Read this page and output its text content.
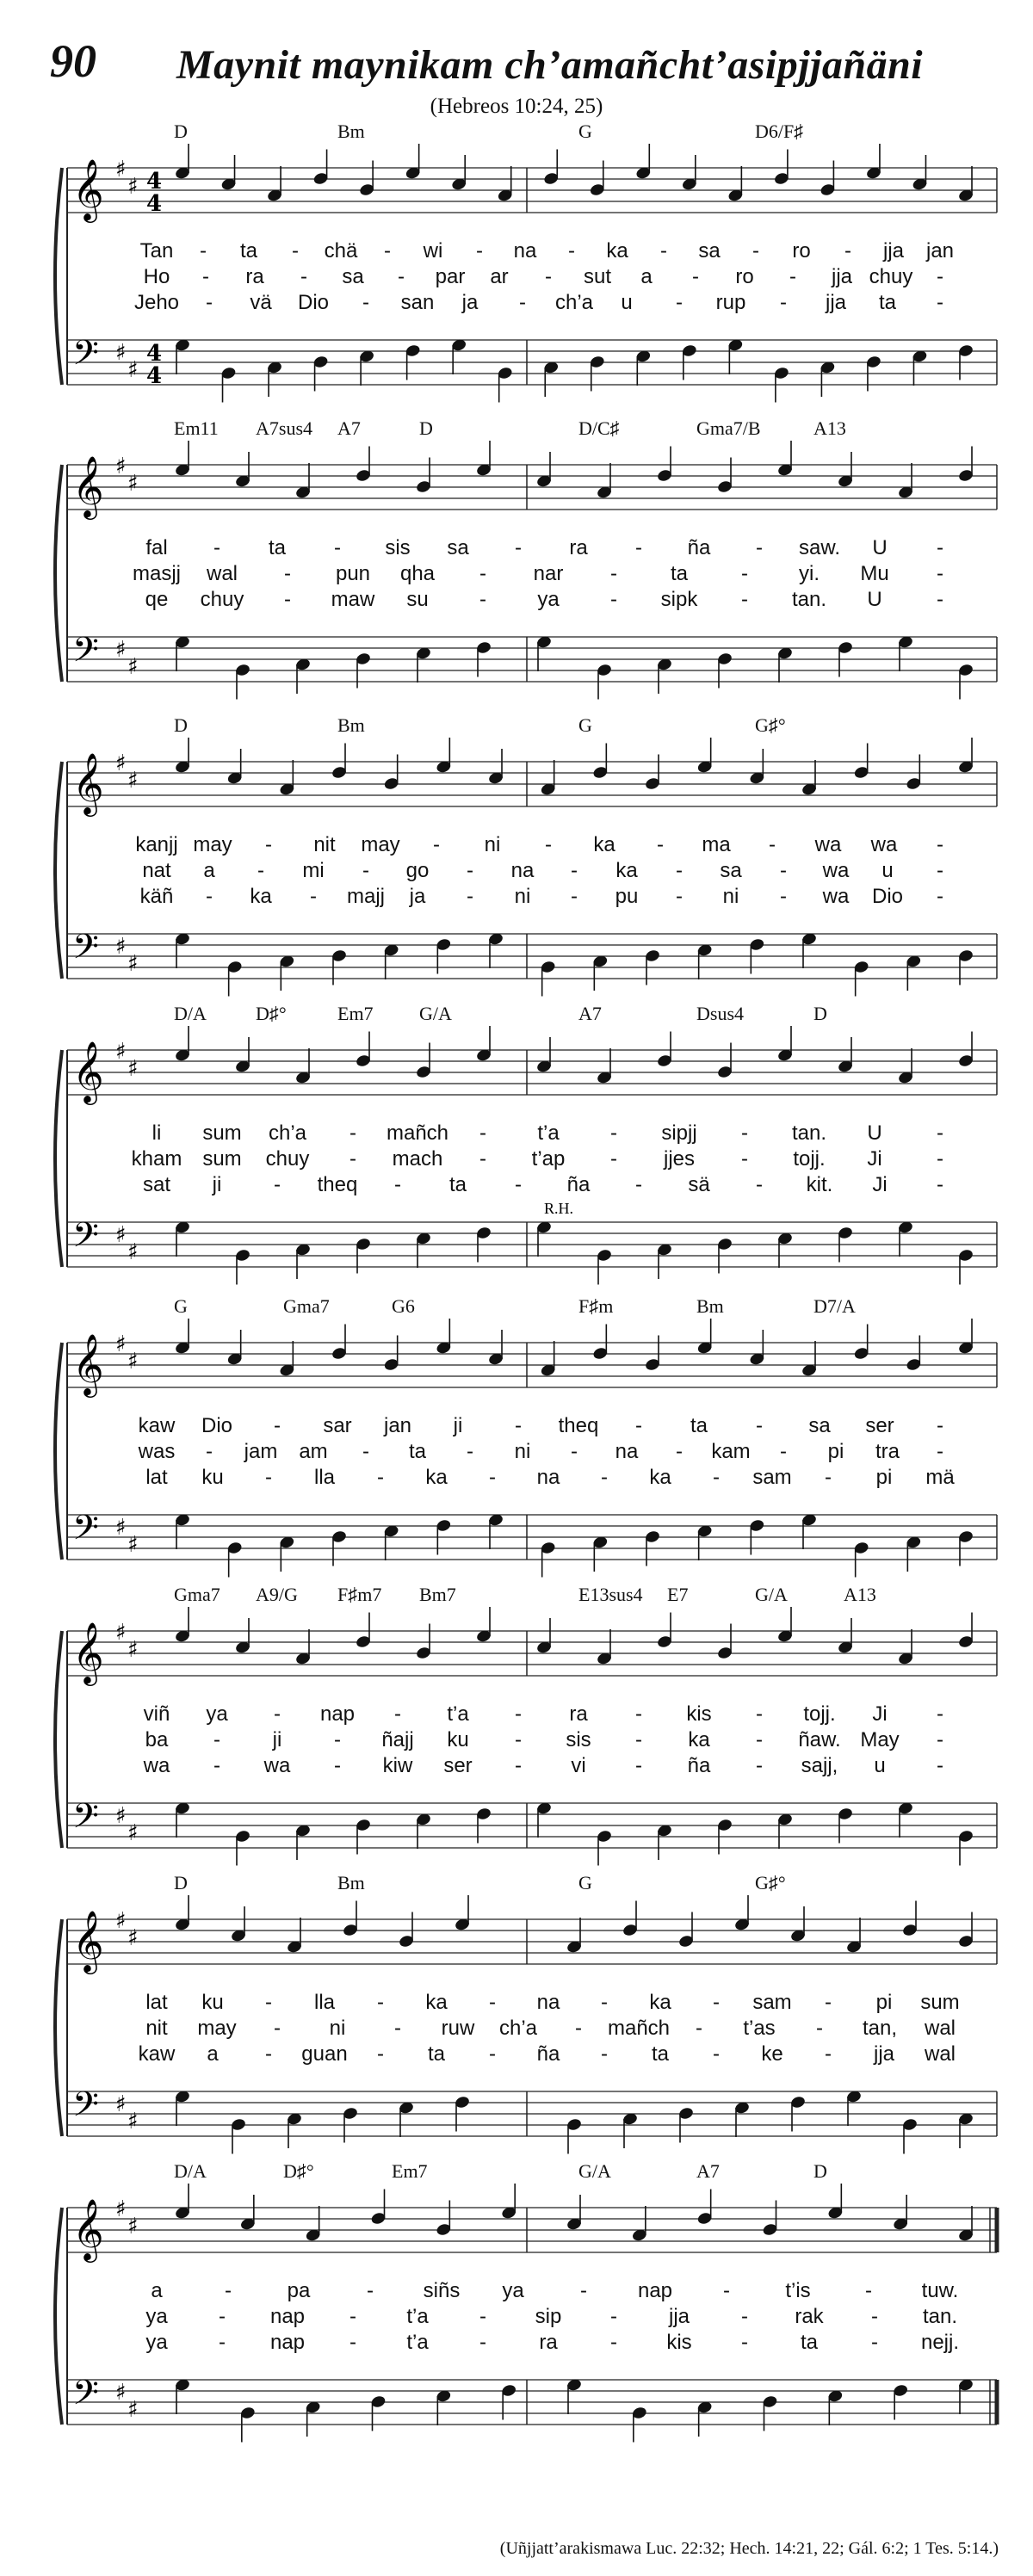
90 Maynit maynikam ch’amañcht’asipjjañäni
(Hebreos 10:24, 25)
D	Bm	G	D6/F♯
𝄞 ♯
♯ 4
4
𝄢 ♯
♯
4
4
Tan - ta - chä - wi - na - ka - sa - ro - jja jan
Ho - ra - sa - par ar - sut a - ro - jja chuy -
Jeho - vä Dio - san ja - ch’a u - rup - jja ta -
Em11 A7sus4 A7	D	D/C♯	Gma7/B	A13
𝄞 ♯
♯
𝄢 ♯
♯
fal - ta - sis sa - ra - ña - saw. U -
masjj wal - pun qha - nar -	ta	- yi. Mu -
qe chuy - maw su - ya - sipk - tan. U	-
D	Bm	G	G♯°
𝄞 ♯
♯
𝄢 ♯
♯
kanjj may - nit may - ni - ka - ma - wa wa -
nat a - mi - go - na - ka - sa - wa u -
käñ - ka - majj ja - ni - pu - ni - wa Dio -
D/A	D♯°	Em7 G/A	A7	Dsus4	D
𝄞 ♯
♯
𝄢 ♯
♯
R.H.
li sum ch’a - mañch - t’a - sipjj - tan. U	-
kham sum chuy - mach - t’ap - jjes - tojj. Ji	-
sat ji	- theq - ta - ña - sä - kit. Ji -
G	Gma7	G6	F♯m	Bm	D7/A
𝄞 ♯
♯
𝄢 ♯
♯
kaw Dio - sar jan ji	- theq - ta - sa ser -
was - jam am - ta - ni - na - kam - pi tra -
lat ku - lla - ka - na - ka - sam - pi mä
Gma7 A9/G F♯m7 Bm7	E13sus4 E7	G/A	A13
𝄞 ♯
♯
𝄢 ♯
♯
viñ ya - nap - t’a - ra - kis - tojj. Ji -
ba -	ji	- ñajj ku - sis - ka - ñaw. May -
wa - wa - kiw ser - vi - ña - sajj, u -
D	Bm	G	G♯°
𝄞 ♯
♯
𝄢 ♯
♯
lat ku - lla - ka - na - ka - sam - pi sum
nit may - ni - ruw ch’a - mañch - t’as - tan, wal
kaw a - guan - ta - ña - ta - ke - jja wal
D/A	D♯°	Em7	G/A	A7	D
𝄞 ♯
♯
𝄢 ♯
♯
a	-	pa	- siñs ya	- nap -	t’is	- tuw.
ya - nap - t’a - sip - jja - rak - tan.
ya - nap - t’a -	ra	- kis -	ta	- nejj.
(Uñjjatt’arakismawa Luc. 22:32; Hech. 14:21, 22; Gál. 6:2; 1 Tes. 5:14.)
